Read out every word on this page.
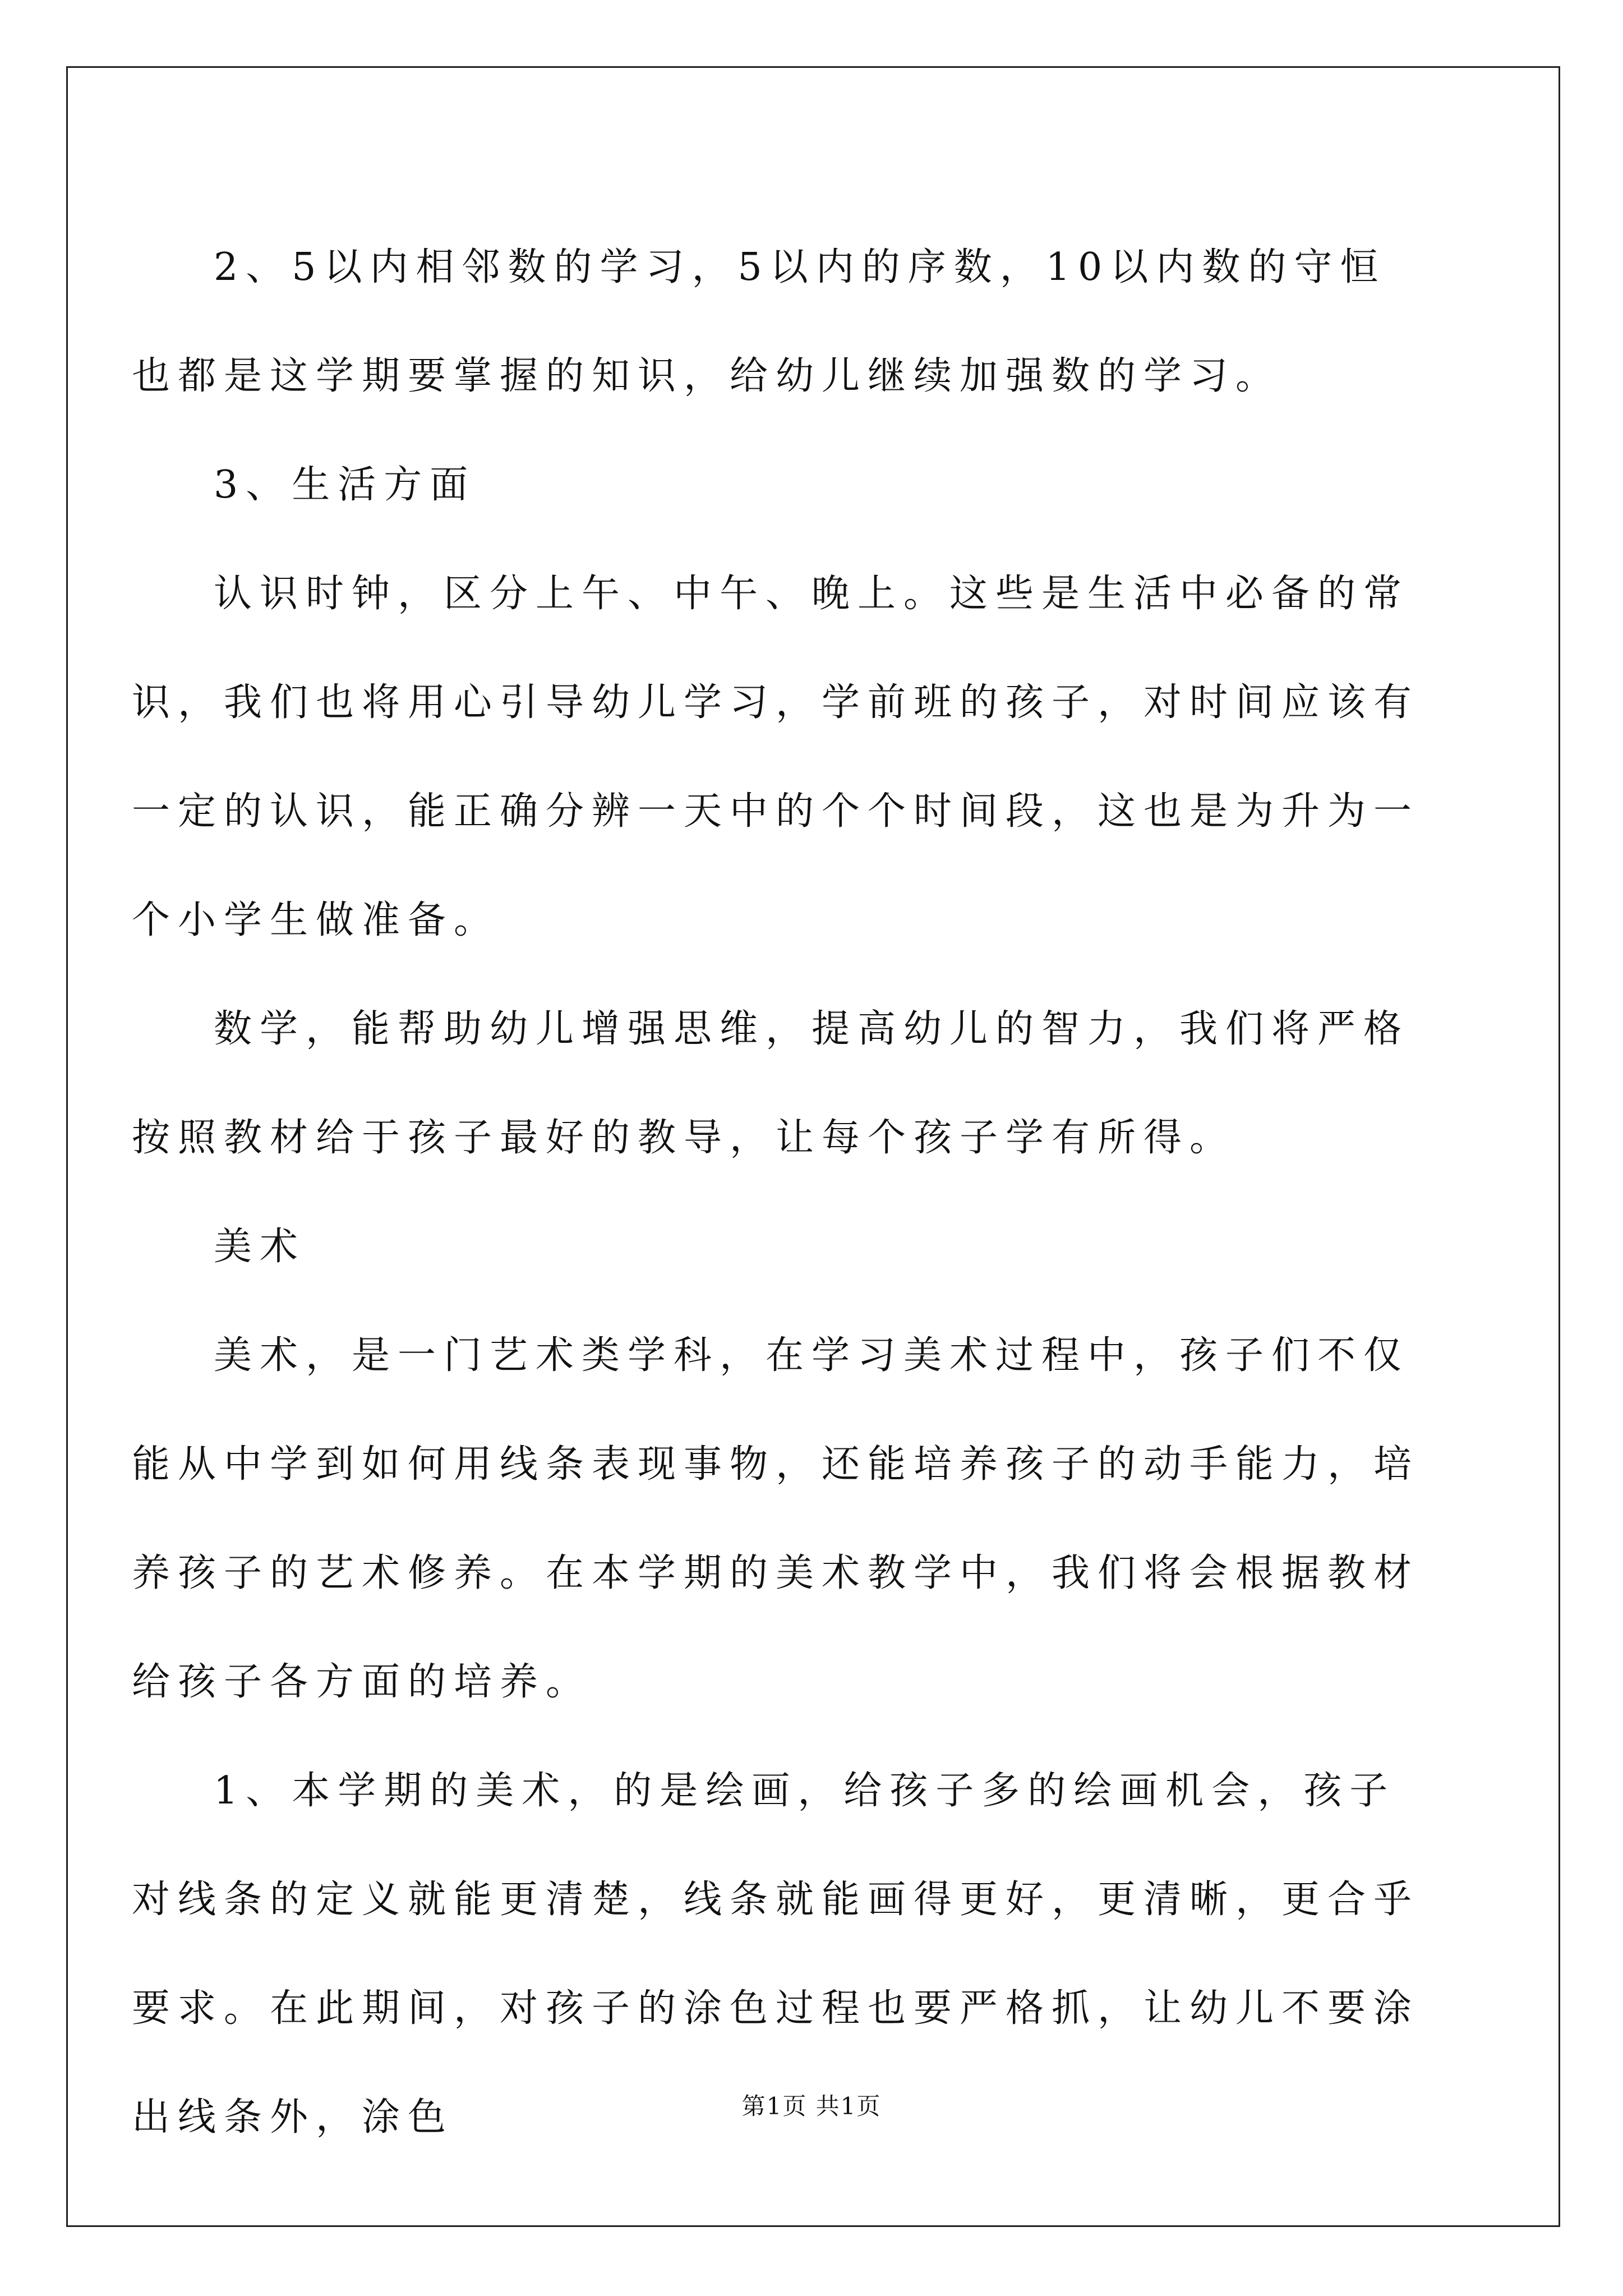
2、5以内相邻数的学习，5以内的序数，10以内数的守恒也都是这学期要掌握的知识，给幼儿继续加强数的学习。

3、生活方面

认识时钟，区分上午、中午、晚上。这些是生活中必备的常识，我们也将用心引导幼儿学习，学前班的孩子，对时间应该有一定的认识，能正确分辨一天中的个个时间段，这也是为升为一个小学生做准备。

数学，能帮助幼儿增强思维，提高幼儿的智力，我们将严格按照教材给于孩子最好的教导，让每个孩子学有所得。

美术

美术，是一门艺术类学科，在学习美术过程中，孩子们不仅能从中学到如何用线条表现事物，还能培养孩子的动手能力，培养孩子的艺术修养。在本学期的美术教学中，我们将会根据教材给孩子各方面的培养。

1、本学期的美术，的是绘画，给孩子多的绘画机会，孩子对线条的定义就能更清楚，线条就能画得更好，更清晰，更合乎要求。在此期间，对孩子的涂色过程也要严格抓，让幼儿不要涂出线条外，涂色	第1页 共1页
